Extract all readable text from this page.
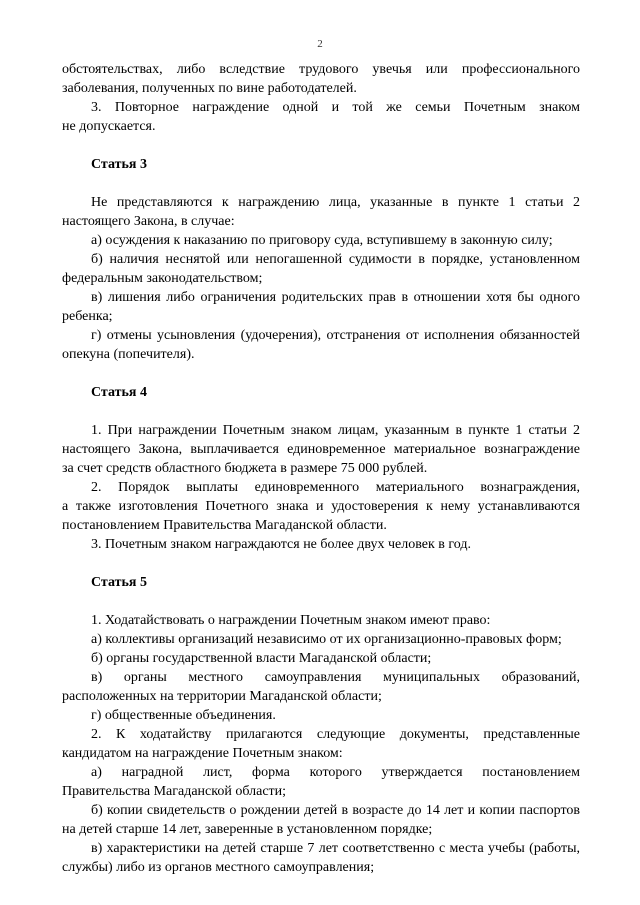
2
обстоятельствах, либо вследствие трудового увечья или профессионального
заболевания, полученных по вине работодателей.
3. Повторное награждение одной и той же семьи Почетным знаком
не допускается.
Статья 3
Не представляются к награждению лица, указанные в пункте 1 статьи 2
настоящего Закона, в случае:
а) осуждения к наказанию по приговору суда, вступившему в законную силу;
б) наличия неснятой или непогашенной судимости в порядке, установленном
федеральным законодательством;
в) лишения либо ограничения родительских прав в отношении хотя бы одного
ребенка;
г) отмены усыновления (удочерения), отстранения от исполнения обязанностей
опекуна (попечителя).
Статья 4
1. При награждении Почетным знаком лицам, указанным в пункте 1 статьи 2
настоящего Закона, выплачивается единовременное материальное вознаграждение
за счет средств областного бюджета в размере 75 000 рублей.
2. Порядок выплаты единовременного материального вознаграждения,
а также изготовления Почетного знака и удостоверения к нему устанавливаются
постановлением Правительства Магаданской области.
3. Почетным знаком награждаются не более двух человек в год.
Статья 5
1. Ходатайствовать о награждении Почетным знаком имеют право:
а) коллективы организаций независимо от их организационно-правовых форм;
б) органы государственной власти Магаданской области;
в) органы местного самоуправления муниципальных образований,
расположенных на территории Магаданской области;
г) общественные объединения.
2. К ходатайству прилагаются следующие документы, представленные
кандидатом на награждение Почетным знаком:
а) наградной лист, форма которого утверждается постановлением
Правительства Магаданской области;
б) копии свидетельств о рождении детей в возрасте до 14 лет и копии паспортов
на детей старше 14 лет, заверенные в установленном порядке;
в) характеристики на детей старше 7 лет соответственно с места учебы (работы,
службы) либо из органов местного самоуправления;
